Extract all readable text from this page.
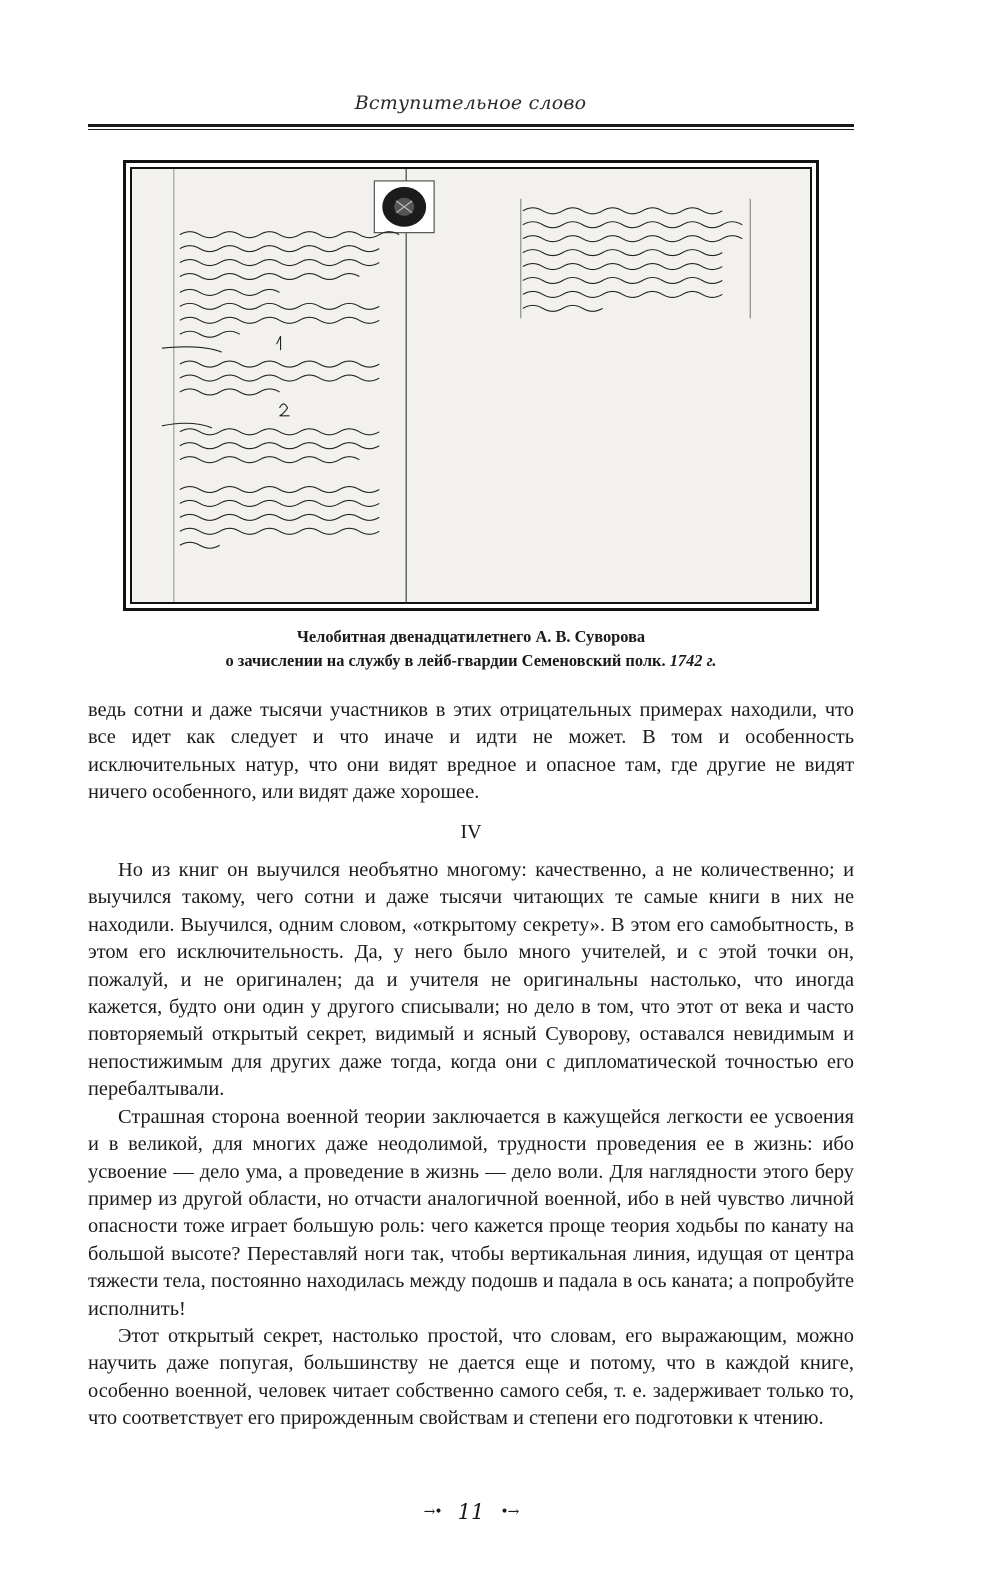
Вступительное слово
Челобитная двенадцатилетнего А. В. Суворова
о зачислении на службу в лейб-гвардии Семеновский полк. 1742 г.

ведь сотни и даже тысячи участников в этих отрицательных примерах находили, что все идет как следует и что иначе и идти не может. В том и особенность исключительных натур, что они видят вредное и опасное там, где другие не видят ничего особенного, или видят даже хорошее.

IV

Но из книг он выучился необъятно многому: качественно, а не количественно; и выучился такому, чего сотни и даже тысячи читающих те самые книги в них не находили. Выучился, одним словом, «открытому секрету». В этом его самобытность, в этом его исключительность. Да, у него было много учителей, и с этой точки он, пожалуй, и не оригинален; да и учителя не оригинальны настолько, что иногда кажется, будто они один у другого списывали; но дело в том, что этот от века и часто повторяемый открытый секрет, видимый и ясный Суворову, оставался невидимым и непостижимым для других даже тогда, когда они с дипломатической точностью его перебалтывали.

Страшная сторона военной теории заключается в кажущейся легкости ее усвоения и в великой, для многих даже неодолимой, трудности проведения ее в жизнь: ибо усвоение — дело ума, а проведение в жизнь — дело воли. Для наглядности этого беру пример из другой области, но отчасти аналогичной военной, ибо в ней чувство личной опасности тоже играет большую роль: чего кажется проще теория ходьбы по канату на большой высоте? Переставляй ноги так, чтобы вертикальная линия, идущая от центра тяжести тела, постоянно находилась между подошв и падала в ось каната; а попробуйте исполнить!

Этот открытый секрет, настолько простой, что словам, его выражающим, можно научить даже попугая, большинству не дается еще и потому, что в каждой книге, особенно военной, человек читает собственно самого себя, т. е. задерживает только то, что соответствует его прирожденным свойствам и степени его подготовки к чтению.

→• 11 •→
